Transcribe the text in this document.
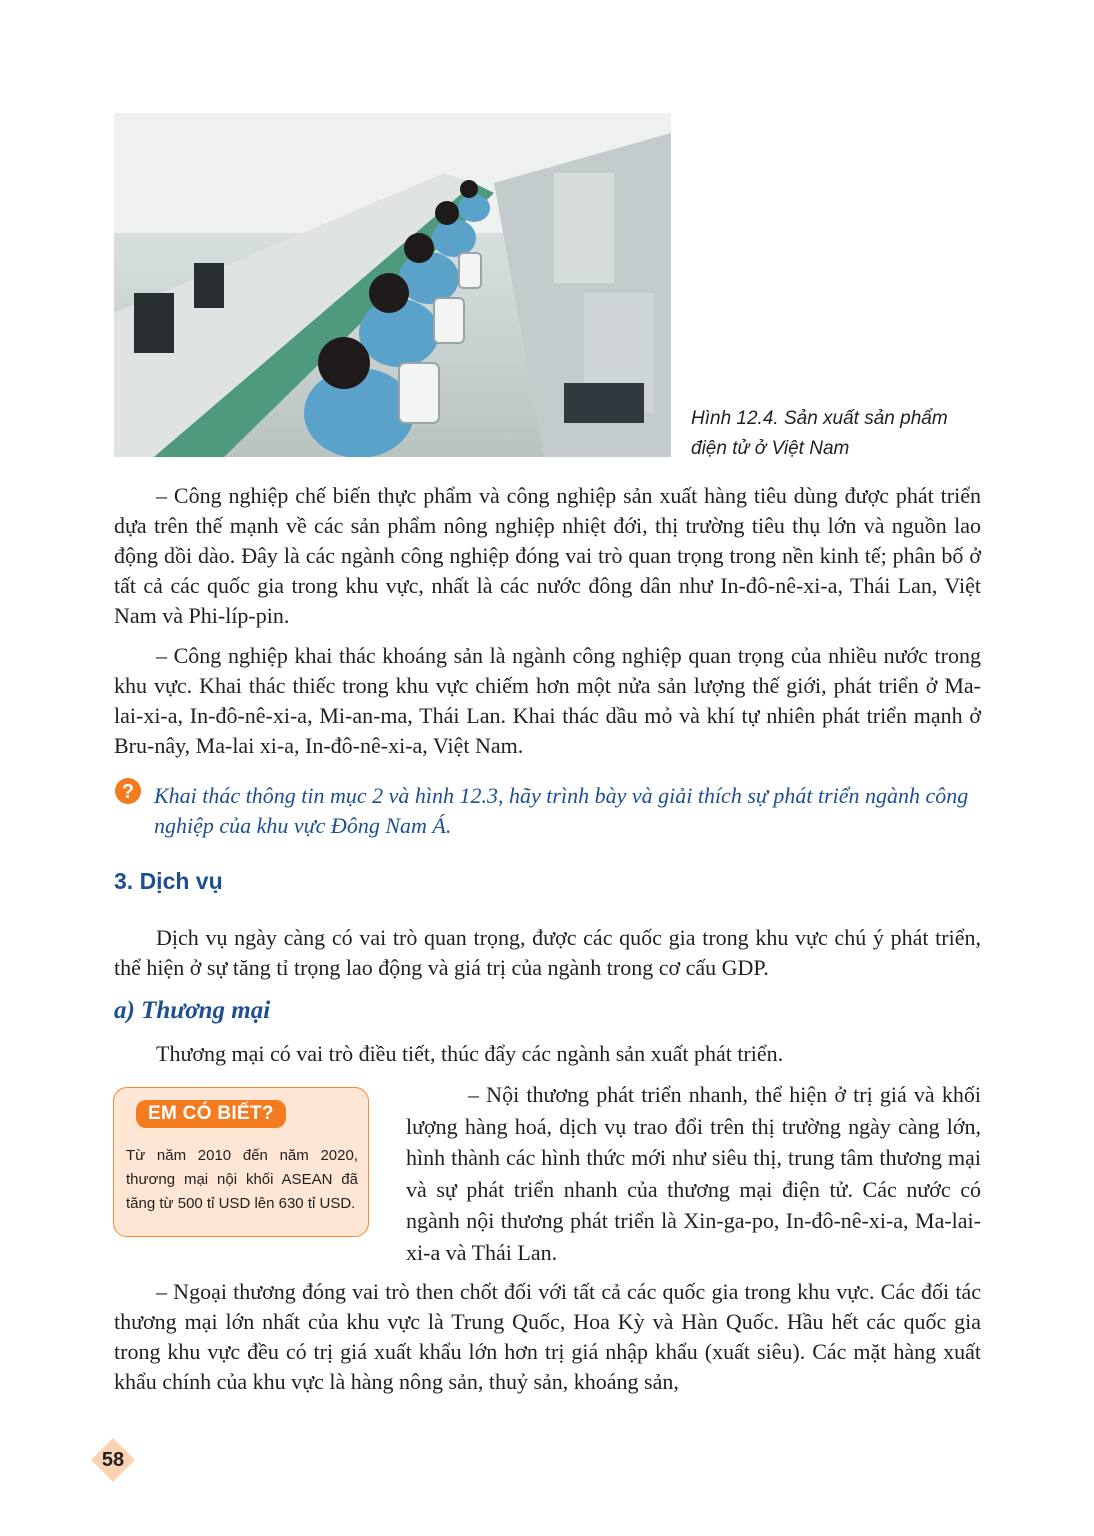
Hình 12.4. Sản xuất sản phẩm
điện tử ở Việt Nam

– Công nghiệp chế biến thực phẩm và công nghiệp sản xuất hàng tiêu dùng được phát triển dựa trên thế mạnh về các sản phẩm nông nghiệp nhiệt đới, thị trường tiêu thụ lớn và nguồn lao động dồi dào. Đây là các ngành công nghiệp đóng vai trò quan trọng trong nền kinh tế; phân bố ở tất cả các quốc gia trong khu vực, nhất là các nước đông dân như In-đô-nê-xi-a, Thái Lan, Việt Nam và Phi-líp-pin.

– Công nghiệp khai thác khoáng sản là ngành công nghiệp quan trọng của nhiều nước trong khu vực. Khai thác thiếc trong khu vực chiếm hơn một nửa sản lượng thế giới, phát triển ở Ma-lai-xi-a, In-đô-nê-xi-a, Mi-an-ma, Thái Lan. Khai thác dầu mỏ và khí tự nhiên phát triển mạnh ở Bru-nây, Ma-lai xi-a, In-đô-nê-xi-a, Việt Nam.

? Khai thác thông tin mục 2 và hình 12.3, hãy trình bày và giải thích sự phát triển ngành công nghiệp của khu vực Đông Nam Á.

3. Dịch vụ

Dịch vụ ngày càng có vai trò quan trọng, được các quốc gia trong khu vực chú ý phát triển, thể hiện ở sự tăng tỉ trọng lao động và giá trị của ngành trong cơ cấu GDP.

a) Thương mại

Thương mại có vai trò điều tiết, thúc đẩy các ngành sản xuất phát triển.

EM CÓ BIẾT?

Từ năm 2010 đến năm 2020, thương mại nội khối ASEAN đã tăng từ 500 tỉ USD lên 630 tỉ USD.

– Nội thương phát triển nhanh, thể hiện ở trị giá và khối lượng hàng hoá, dịch vụ trao đổi trên thị trường ngày càng lớn, hình thành các hình thức mới như siêu thị, trung tâm thương mại và sự phát triển nhanh của thương mại điện tử. Các nước có ngành nội thương phát triển là Xin-ga-po, In-đô-nê-xi-a, Ma-lai-xi-a và Thái Lan.

– Ngoại thương đóng vai trò then chốt đối với tất cả các quốc gia trong khu vực. Các đối tác thương mại lớn nhất của khu vực là Trung Quốc, Hoa Kỳ và Hàn Quốc. Hầu hết các quốc gia trong khu vực đều có trị giá xuất khẩu lớn hơn trị giá nhập khẩu (xuất siêu). Các mặt hàng xuất khẩu chính của khu vực là hàng nông sản, thuỷ sản, khoáng sản,

58
